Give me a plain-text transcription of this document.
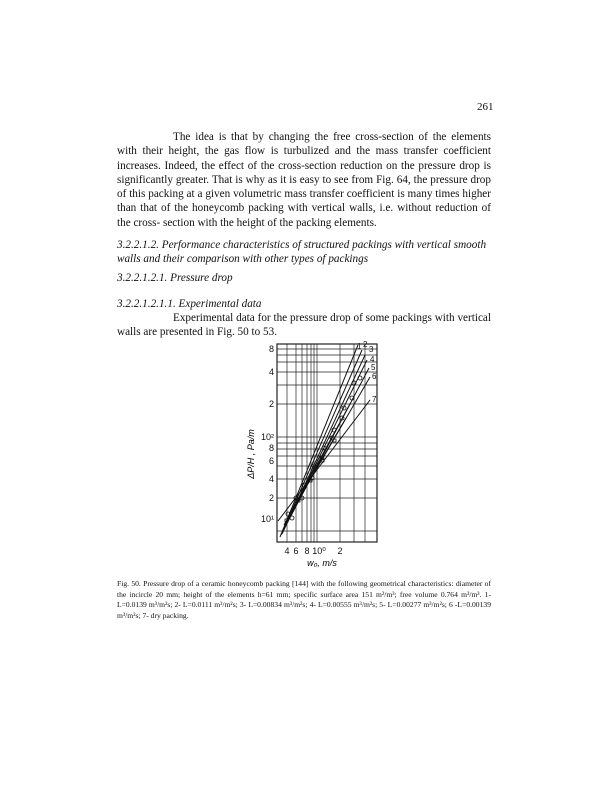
261
The idea is that by changing the free cross-section of the elements with their height, the gas flow is turbulized and the mass transfer coefficient increases. Indeed, the effect of the cross-section reduction on the pressure drop is significantly greater. That is why as it is easy to see from Fig. 64, the pressure drop of this packing at a given volumetric mass transfer coefficient is many times higher than that of the honeycomb packing with vertical walls, i.e. without reduction of the cross- section with the height of the packing elements.
3.2.2.1.2. Performance characteristics of structured packings with vertical smooth walls and their comparison with other types of packings
3.2.2.1.2.1. Pressure drop
3.2.2.1.2.1.1. Experimental data
Experimental data for the pressure drop of some packings with vertical walls are presented in Fig. 50 to 53.
1 2
3
4
5
6
7
8
4
2
10²
8
6
4
2
10¹
4 6 8 10⁰ 2
w₀, m/s
ΔP/H , Pa/m
Fig. 50. Pressure drop of a ceramic honeycomb packing [144] with the following geometrical characteristics: diameter of the incircle 20 mm; height of the elements h=61 mm; specific surface area 151 m²/m³; free volume 0.764 m³/m³. 1- L=0.0139 m³/m²s; 2- L=0.0111 m³/m²s; 3- L=0.00834 m³/m²s; 4- L=0.00555 m³/m²s; 5- L=0.00277 m³/m²s; 6 -L=0.00139 m³/m²s; 7- dry packing.
